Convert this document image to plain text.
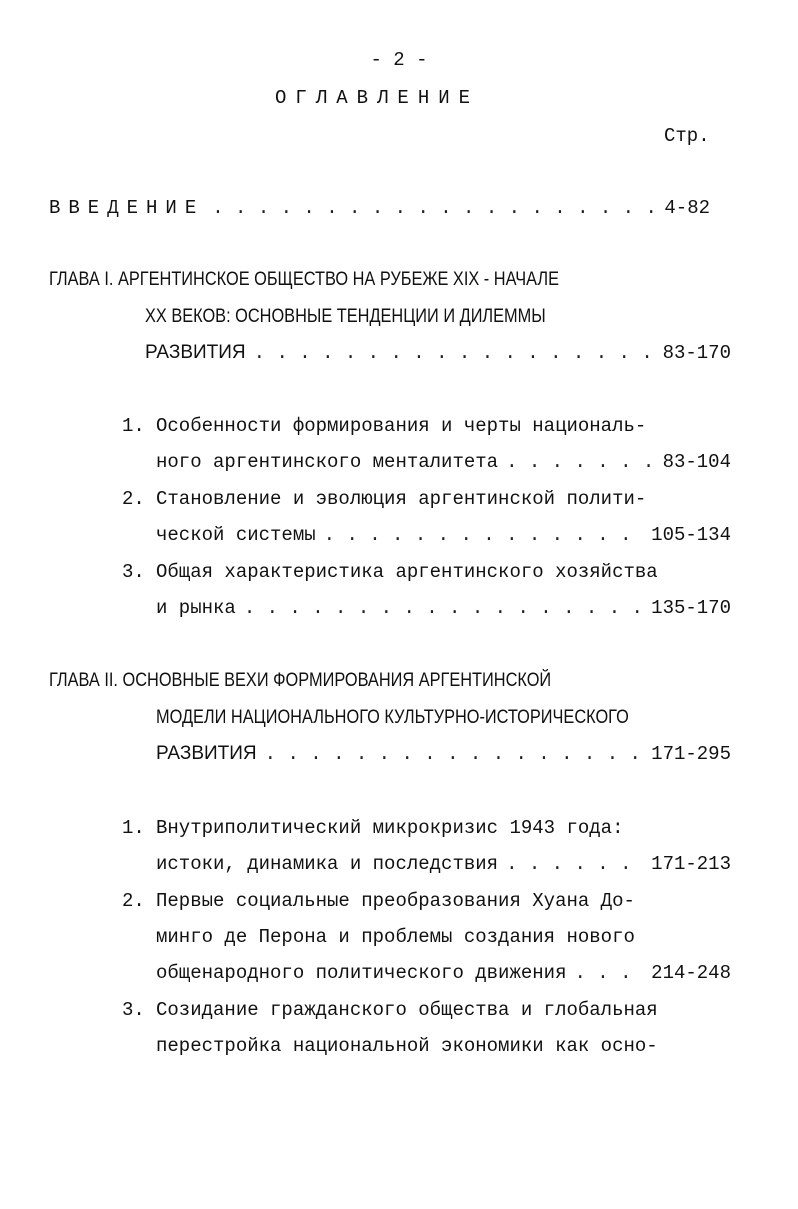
- 2 -
ОГЛАВЛЕНИЕ
Стр.
ВВЕДЕНИЕ . . .	4-82
ГЛАВА I. АРГЕНТИНСКОЕ ОБЩЕСТВО НА РУБЕЖЕ XIX - НАЧАЛЕ
XX ВЕКОВ: ОСНОВНЫЕ ТЕНДЕНЦИИ И ДИЛЕММЫ
РАЗВИТИЯ . . .	83-170
1. Особенности формирования и черты националь-
ного аргентинского менталитета . . .	83-104
2. Становление и эволюция аргентинской полити-
ческой системы . . .	105-134
3. Общая характеристика аргентинского хозяйства
и рынка . . .	135-170
ГЛАВА II. ОСНОВНЫЕ ВЕХИ ФОРМИРОВАНИЯ АРГЕНТИНСКОЙ
МОДЕЛИ НАЦИОНАЛЬНОГО КУЛЬТУРНО-ИСТОРИЧЕСКОГО
РАЗВИТИЯ . . .	171-295
1. Внутриполитический микрокризис 1943 года:
истоки, динамика и последствия . . .	171-213
2. Первые социальные преобразования Хуана До-
минго де Перона и проблемы создания нового
общенародного политического движения . . .	214-248
3. Созидание гражданского общества и глобальная
перестройка национальной экономики как осно-
